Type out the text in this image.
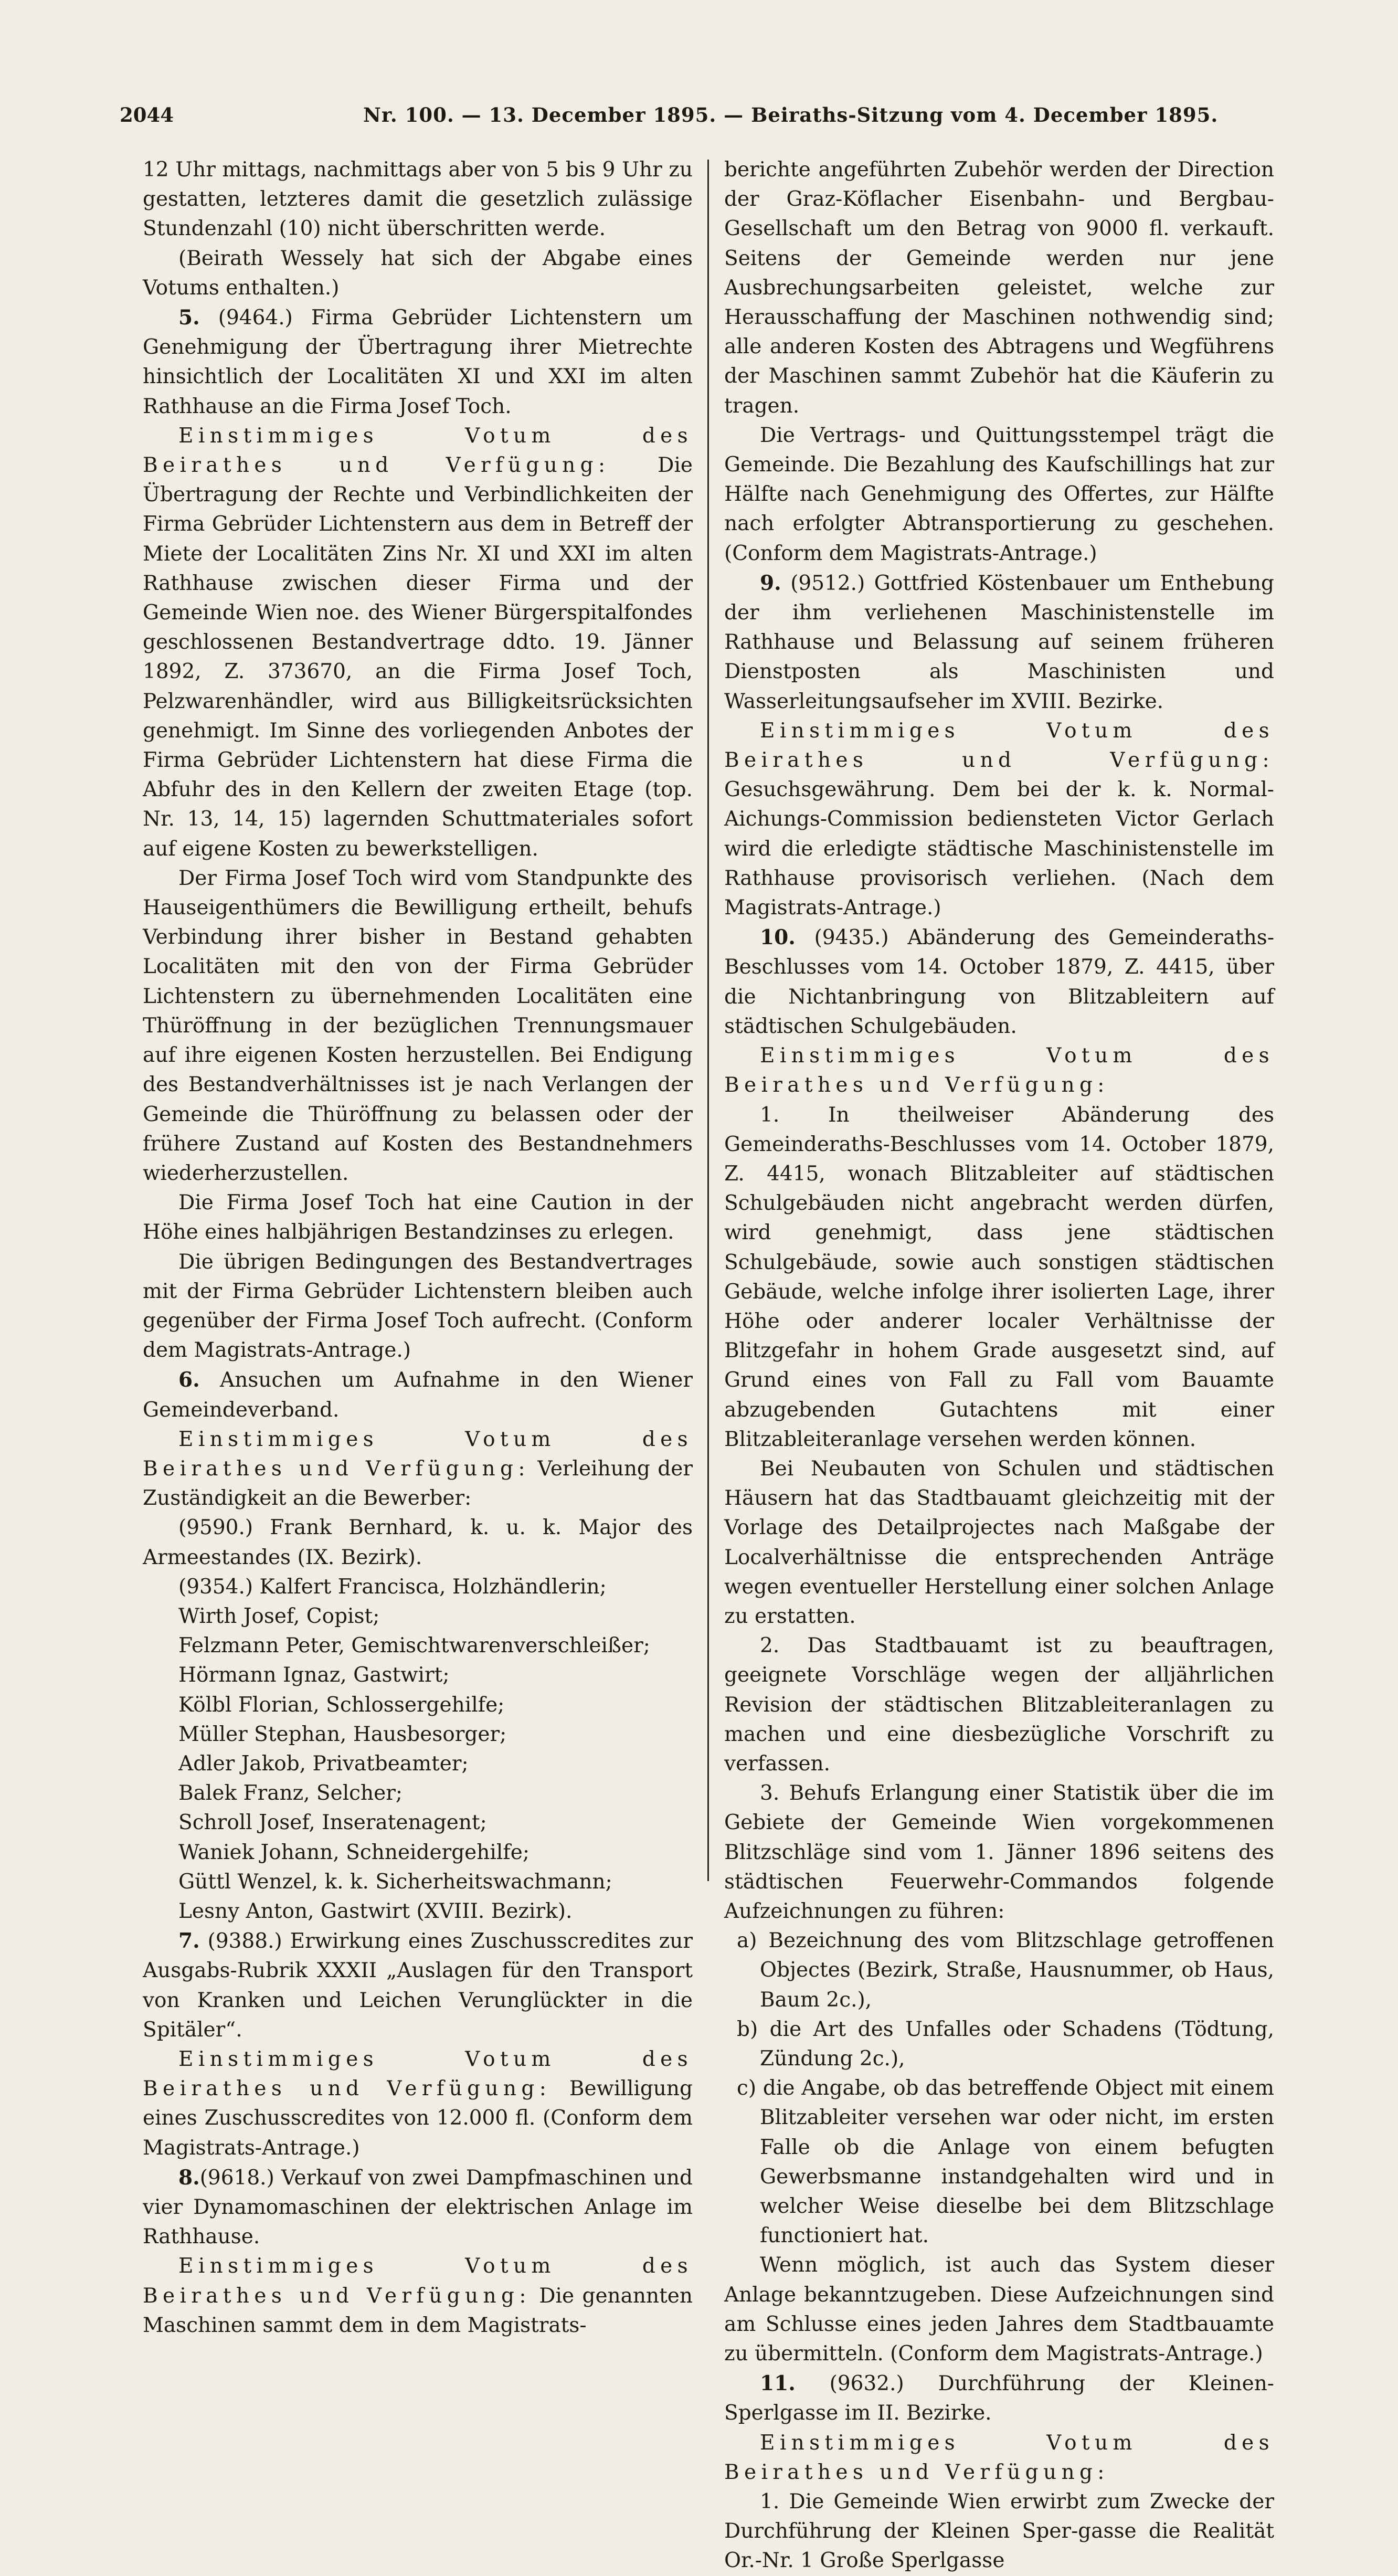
2044	Nr. 100. — 13. December 1895. — Beiraths-Sitzung vom 4. December 1895.

12 Uhr mittags, nachmittags aber von 5 bis 9 Uhr zu gestatten, letzteres damit die gesetzlich zulässige Stundenzahl (10) nicht überschritten werde.

(Beirath Wessely hat sich der Abgabe eines Votums enthalten.)

5. (9464.) Firma Gebrüder Lichtenstern um Genehmigung der Übertragung ihrer Mietrechte hinsichtlich der Localitäten XI und XXI im alten Rathhause an die Firma Josef Toch.

Einstimmiges Votum des Beirathes und Verfügung: Die Übertragung der Rechte und Verbindlichkeiten der Firma Gebrüder Lichtenstern aus dem in Betreff der Miete der Localitäten Zins Nr. XI und XXI im alten Rathhause zwischen dieser Firma und der Gemeinde Wien noe. des Wiener Bürgerspitalfondes geschlossenen Bestandvertrage ddto. 19. Jänner 1892, Z. 373670, an die Firma Josef Toch, Pelzwarenhändler, wird aus Billigkeitsrücksichten genehmigt. Im Sinne des vorliegenden Anbotes der Firma Gebrüder Lichtenstern hat diese Firma die Abfuhr des in den Kellern der zweiten Etage (top. Nr. 13, 14, 15) lagernden Schuttmateriales sofort auf eigene Kosten zu bewerkstelligen.

Der Firma Josef Toch wird vom Standpunkte des Hauseigenthümers die Bewilligung ertheilt, behufs Verbindung ihrer bisher in Bestand gehabten Localitäten mit den von der Firma Gebrüder Lichtenstern zu übernehmenden Localitäten eine Thüröffnung in der bezüglichen Trennungsmauer auf ihre eigenen Kosten herzustellen. Bei Endigung des Bestandverhältnisses ist je nach Verlangen der Gemeinde die Thüröffnung zu belassen oder der frühere Zustand auf Kosten des Bestandnehmers wiederherzustellen.

Die Firma Josef Toch hat eine Caution in der Höhe eines halbjährigen Bestandzinses zu erlegen.

Die übrigen Bedingungen des Bestandvertrages mit der Firma Gebrüder Lichtenstern bleiben auch gegenüber der Firma Josef Toch aufrecht. (Conform dem Magistrats-Antrage.)

6. Ansuchen um Aufnahme in den Wiener Gemeindeverband.

Einstimmiges Votum des Beirathes und Verfügung: Verleihung der Zuständigkeit an die Bewerber:

(9590.) Frank Bernhard, k. u. k. Major des Armeestandes (IX. Bezirk).

(9354.) Kalfert Francisca, Holzhändlerin;

Wirth Josef, Copist;

Felzmann Peter, Gemischtwarenverschleißer;

Hörmann Ignaz, Gastwirt;

Kölbl Florian, Schlossergehilfe;

Müller Stephan, Hausbesorger;

Adler Jakob, Privatbeamter;

Balek Franz, Selcher;

Schroll Josef, Inseratenagent;

Waniek Johann, Schneidergehilfe;

Güttl Wenzel, k. k. Sicherheitswachmann;

Lesny Anton, Gastwirt (XVIII. Bezirk).

7. (9388.) Erwirkung eines Zuschusscredites zur Ausgabs-Rubrik XXXII „Auslagen für den Transport von Kranken und Leichen Verunglückter in die Spitäler“.

Einstimmiges Votum des Beirathes und Verfügung: Bewilligung eines Zuschusscredites von 12.000 fl. (Conform dem Magistrats-Antrage.)

8.(9618.) Verkauf von zwei Dampfmaschinen und vier Dynamomaschinen der elektrischen Anlage im Rathhause.

Einstimmiges Votum des Beirathes und Verfügung: Die genannten Maschinen sammt dem in dem Magistrats-

berichte angeführten Zubehör werden der Direction der Graz-Köflacher Eisenbahn- und Bergbau-Gesellschaft um den Betrag von 9000 fl. verkauft. Seitens der Gemeinde werden nur jene Ausbrechungsarbeiten geleistet, welche zur Herausschaffung der Maschinen nothwendig sind; alle anderen Kosten des Abtragens und Wegführens der Maschinen sammt Zubehör hat die Käuferin zu tragen.

Die Vertrags- und Quittungsstempel trägt die Gemeinde. Die Bezahlung des Kaufschillings hat zur Hälfte nach Genehmigung des Offertes, zur Hälfte nach erfolgter Abtransportierung zu geschehen. (Conform dem Magistrats-Antrage.)

9. (9512.) Gottfried Köstenbauer um Enthebung der ihm verliehenen Maschinistenstelle im Rathhause und Belassung auf seinem früheren Dienstposten als Maschinisten und Wasserleitungsaufseher im XVIII. Bezirke.

Einstimmiges Votum des Beirathes und Verfügung: Gesuchsgewährung. Dem bei der k. k. Normal-Aichungs-Commission bediensteten Victor Gerlach wird die erledigte städtische Maschinistenstelle im Rathhause provisorisch verliehen. (Nach dem Magistrats-Antrage.)

10. (9435.) Abänderung des Gemeinderaths-Beschlusses vom 14. October 1879, Z. 4415, über die Nichtanbringung von Blitzableitern auf städtischen Schulgebäuden.

Einstimmiges Votum des Beirathes und Verfügung:

1. In theilweiser Abänderung des Gemeinderaths-Beschlusses vom 14. October 1879, Z. 4415, wonach Blitzableiter auf städtischen Schulgebäuden nicht angebracht werden dürfen, wird genehmigt, dass jene städtischen Schulgebäude, sowie auch sonstigen städtischen Gebäude, welche infolge ihrer isolierten Lage, ihrer Höhe oder anderer localer Verhältnisse der Blitzgefahr in hohem Grade ausgesetzt sind, auf Grund eines von Fall zu Fall vom Bauamte abzugebenden Gutachtens mit einer Blitzableiteranlage versehen werden können.

Bei Neubauten von Schulen und städtischen Häusern hat das Stadtbauamt gleichzeitig mit der Vorlage des Detailprojectes nach Maßgabe der Localverhältnisse die entsprechenden Anträge wegen eventueller Herstellung einer solchen Anlage zu erstatten.

2. Das Stadtbauamt ist zu beauftragen, geeignete Vorschläge wegen der alljährlichen Revision der städtischen Blitzableiteranlagen zu machen und eine diesbezügliche Vorschrift zu verfassen.

3. Behufs Erlangung einer Statistik über die im Gebiete der Gemeinde Wien vorgekommenen Blitzschläge sind vom 1. Jänner 1896 seitens des städtischen Feuerwehr-Commandos folgende Aufzeichnungen zu führen:

a) Bezeichnung des vom Blitzschlage getroffenen Objectes (Bezirk, Straße, Hausnummer, ob Haus, Baum 2c.),

b) die Art des Unfalles oder Schadens (Tödtung, Zündung 2c.),

c) die Angabe, ob das betreffende Object mit einem Blitzableiter versehen war oder nicht, im ersten Falle ob die Anlage von einem befugten Gewerbsmanne instandgehalten wird und in welcher Weise dieselbe bei dem Blitzschlage functioniert hat.

Wenn möglich, ist auch das System dieser Anlage bekanntzugeben. Diese Aufzeichnungen sind am Schlusse eines jeden Jahres dem Stadtbauamte zu übermitteln. (Conform dem Magistrats-Antrage.)

11. (9632.) Durchführung der Kleinen-Sperlgasse im II. Bezirke.

Einstimmiges Votum des Beirathes und Verfügung:

1. Die Gemeinde Wien erwirbt zum Zwecke der Durchführung der Kleinen Sper-gasse die Realität Or.-Nr. 1 Große Sperlgasse
